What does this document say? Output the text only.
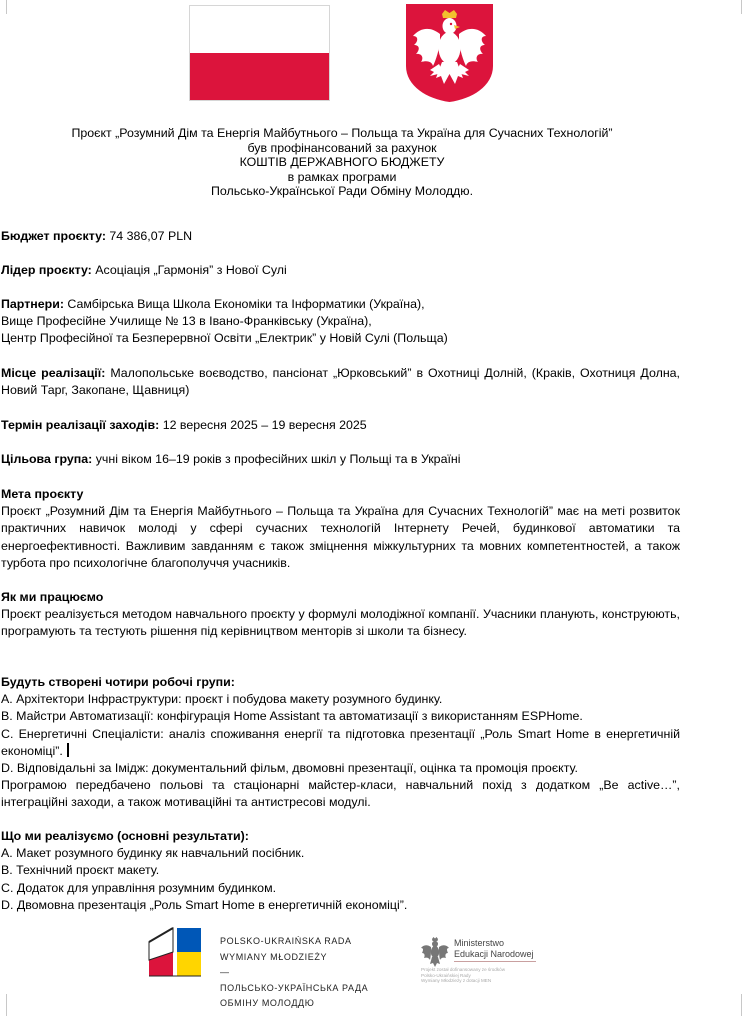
Проєкт „Розумний Дім та Енергія Майбутнього – Польща та Україна для Сучасних Технологій”
був профінансований за рахунок
КОШТІВ ДЕРЖАВНОГО БЮДЖЕТУ
в рамках програми
Польсько-Української Ради Обміну Молоддю.

Бюджет проєкту: 74 386,07 PLN

Лідер проєкту: Асоціація „Гармонія” з Нової Сулі

Партнери: Самбірська Вища Школа Економіки та Інформатики (Україна),

Вище Професійне Училище № 13 в Івано-Франківську (Україна),

Центр Професійної та Безперервної Освіти „Електрик” у Новій Сулі (Польща)

Місце реалізації: Малопольське воєводство, пансіонат „Юрковський” в Охотниці Долній, (Краків, Охотниця Долна, Новий Тарг, Закопане, Щавниця)

Термін реалізації заходів: 12 вересня 2025 – 19 вересня 2025

Цільова група: учні віком 16–19 років з професійних шкіл у Польщі та в Україні

Мета проєкту

Проєкт „Розумний Дім та Енергія Майбутнього – Польща та Україна для Сучасних Технологій” має на меті розвиток практичних навичок молоді у сфері сучасних технологій Інтернету Речей, будинкової автоматики та енергоефективності. Важливим завданням є також зміцнення міжкультурних та мовних компетентностей, а також турбота про психологічне благополуччя учасників.

Як ми працюємо

Проєкт реалізується методом навчального проєкту у формулі молодіжної компанії. Учасники планують, конструюють, програмують та тестують рішення під керівництвом менторів зі школи та бізнесу.

Будуть створені чотири робочі групи:

A. Архітектори Інфраструктури: проєкт і побудова макету розумного будинку.

B. Майстри Автоматизації: конфігурація Home Assistant та автоматизації з використанням ESPHome.

C. Енергетичні Спеціалісти: аналіз споживання енергії та підготовка презентації „Роль Smart Home в енергетичній економіці”.

D. Відповідальні за Імідж: документальний фільм, двомовні презентації, оцінка та промоція проєкту.

Програмою передбачено польові та стаціонарні майстер-класи, навчальний похід з додатком „Be active…”, інтеграційні заходи, а також мотиваційні та антистресові модулі.

Що ми реалізуємо (основні результати):

A. Макет розумного будинку як навчальний посібник.

B. Технічний проєкт макету.

C. Додаток для управління розумним будинком.

D. Двомовна презентація „Роль Smart Home в енергетичній економіці”.

POLSKO-UKRAIŃSKA RADA
WYMIANY MŁODZIEŻY
—
ПОЛЬСЬКО-УКРАЇНСЬКА РАДА
ОБМІНУ МОЛОДДЮ
Ministerstwo
Edukacji Narodowej
Projekt został dofinansowany ze środków
Polsko-Ukraińskiej Rady
Wymiany Młodzieży z dotacji MEN
